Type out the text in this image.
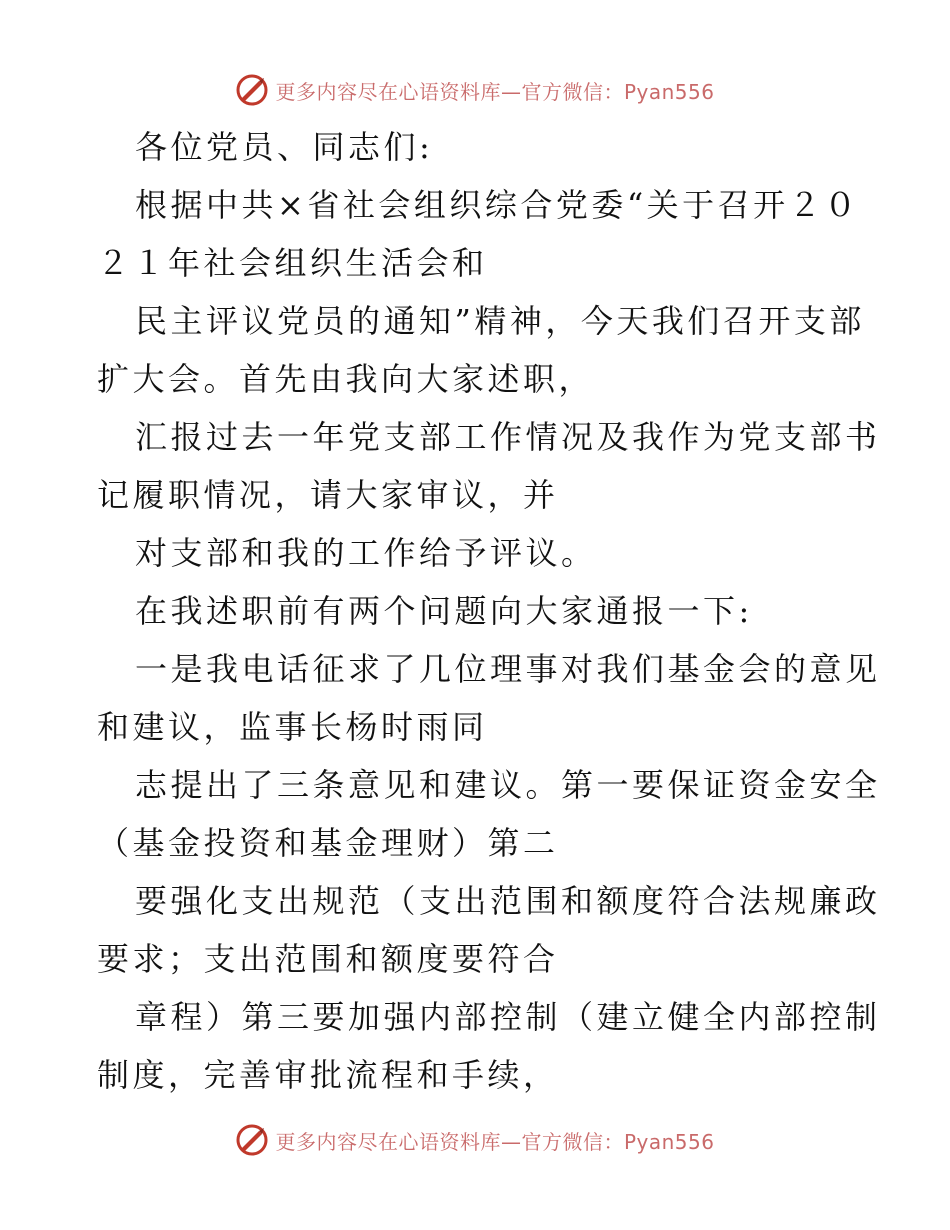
更多内容尽在心语资料库—官方微信：Pyan556
各位党员、同志们:
根据中共×省社会组织综合党委“关于召开２０
２１年社会组织生活会和
民主评议党员的通知”精神，今天我们召开支部
扩大会。首先由我向大家述职，
汇报过去一年党支部工作情况及我作为党支部书
记履职情况，请大家审议，并
对支部和我的工作给予评议。
在我述职前有两个问题向大家通报一下:
一是我电话征求了几位理事对我们基金会的意见
和建议，监事长杨时雨同
志提出了三条意见和建议。第一要保证资金安全
（基金投资和基金理财）第二
要强化支出规范（支出范围和额度符合法规廉政
要求；支出范围和额度要符合
章程）第三要加强内部控制（建立健全内部控制
制度，完善审批流程和手续，
更多内容尽在心语资料库—官方微信：Pyan556
